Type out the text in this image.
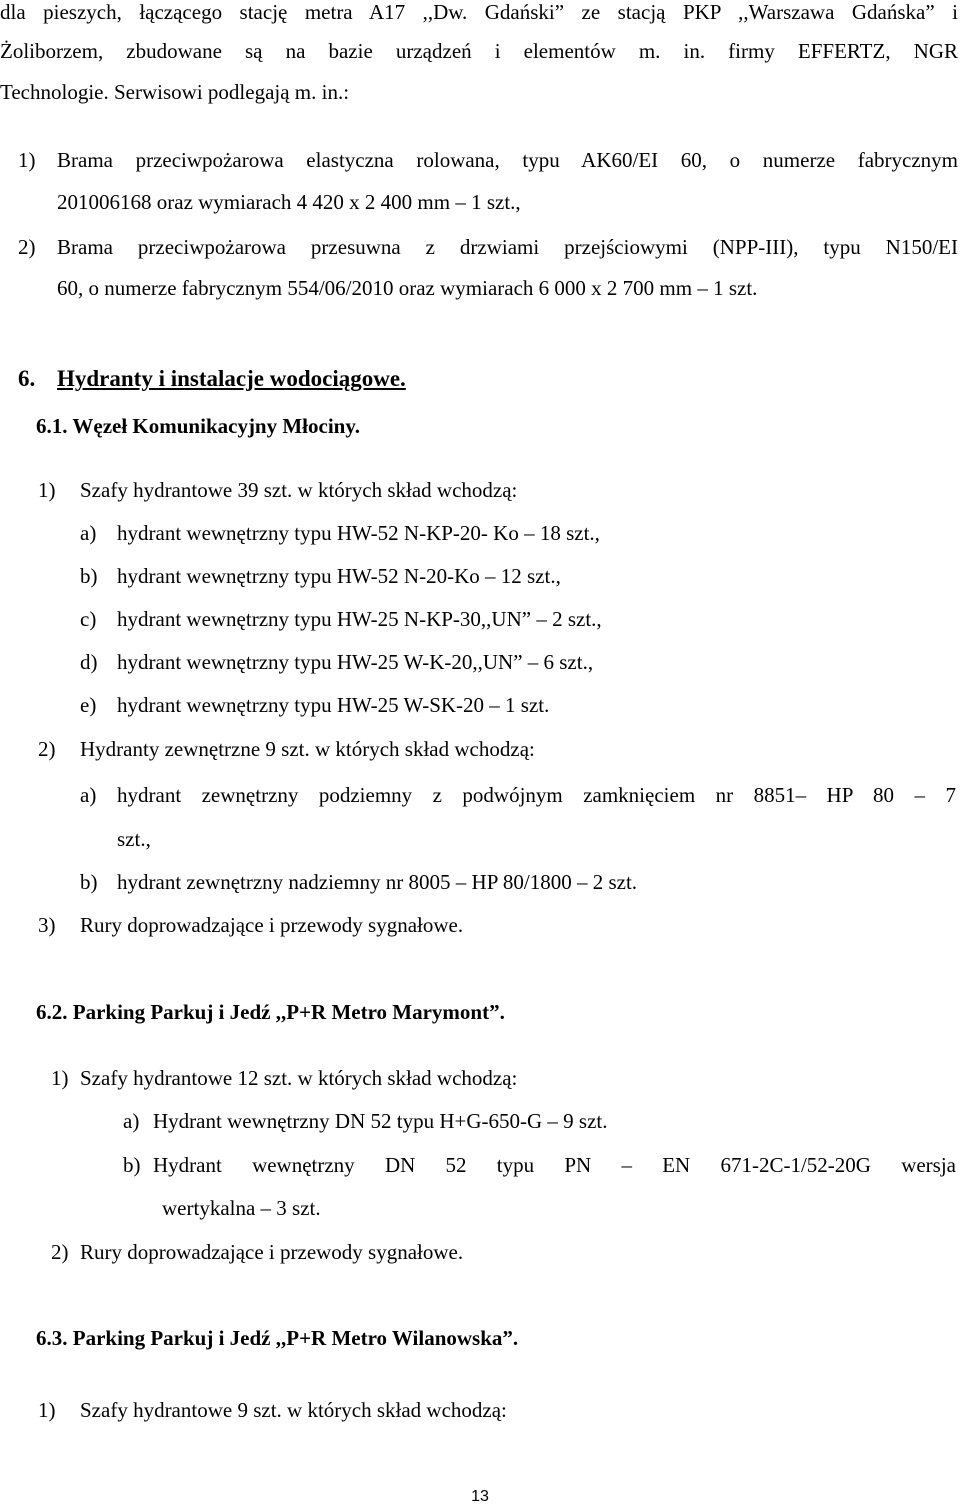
dla pieszych, łączącego stację metra A17 ,,Dw. Gdański” ze stacją PKP ,,Warszawa Gdańska” i
Żoliborzem, zbudowane są na bazie urządzeń i elementów m. in. firmy EFFERTZ, NGR
Technologie. Serwisowi podlegają m. in.:
1) Brama przeciwpożarowa elastyczna rolowana, typu AK60/EI 60, o numerze fabrycznym
201006168 oraz wymiarach 4 420 x 2 400 mm – 1 szt.,
2) Brama przeciwpożarowa przesuwna z drzwiami przejściowymi (NPP-III), typu N150/EI
60, o numerze fabrycznym 554/06/2010 oraz wymiarach 6 000 x 2 700 mm – 1 szt.
6. Hydranty i instalacje wodociągowe.
6.1. Węzeł Komunikacyjny Młociny.
1) Szafy hydrantowe 39 szt. w których skład wchodzą:
a) hydrant wewnętrzny typu HW-52 N-KP-20- Ko – 18 szt.,
b) hydrant wewnętrzny typu HW-52 N-20-Ko – 12 szt.,
c) hydrant wewnętrzny typu HW-25 N-KP-30,,UN” – 2 szt.,
d) hydrant wewnętrzny typu HW-25 W-K-20,,UN” – 6 szt.,
e) hydrant wewnętrzny typu HW-25 W-SK-20 – 1 szt.
2) Hydranty zewnętrzne 9 szt. w których skład wchodzą:
a) hydrant zewnętrzny podziemny z podwójnym zamknięciem nr 8851– HP 80 – 7
szt.,
b) hydrant zewnętrzny nadziemny nr 8005 – HP 80/1800 – 2 szt.
3) Rury doprowadzające i przewody sygnałowe.
6.2. Parking Parkuj i Jedź ,,P+R Metro Marymont”.
1) Szafy hydrantowe 12 szt. w których skład wchodzą:
a) Hydrant wewnętrzny DN 52 typu H+G-650-G – 9 szt.
b) Hydrant wewnętrzny DN 52 typu PN – EN 671-2C-1/52-20G wersja
wertykalna – 3 szt.
2) Rury doprowadzające i przewody sygnałowe.
6.3. Parking Parkuj i Jedź ,,P+R Metro Wilanowska”.
1) Szafy hydrantowe 9 szt. w których skład wchodzą:
13
